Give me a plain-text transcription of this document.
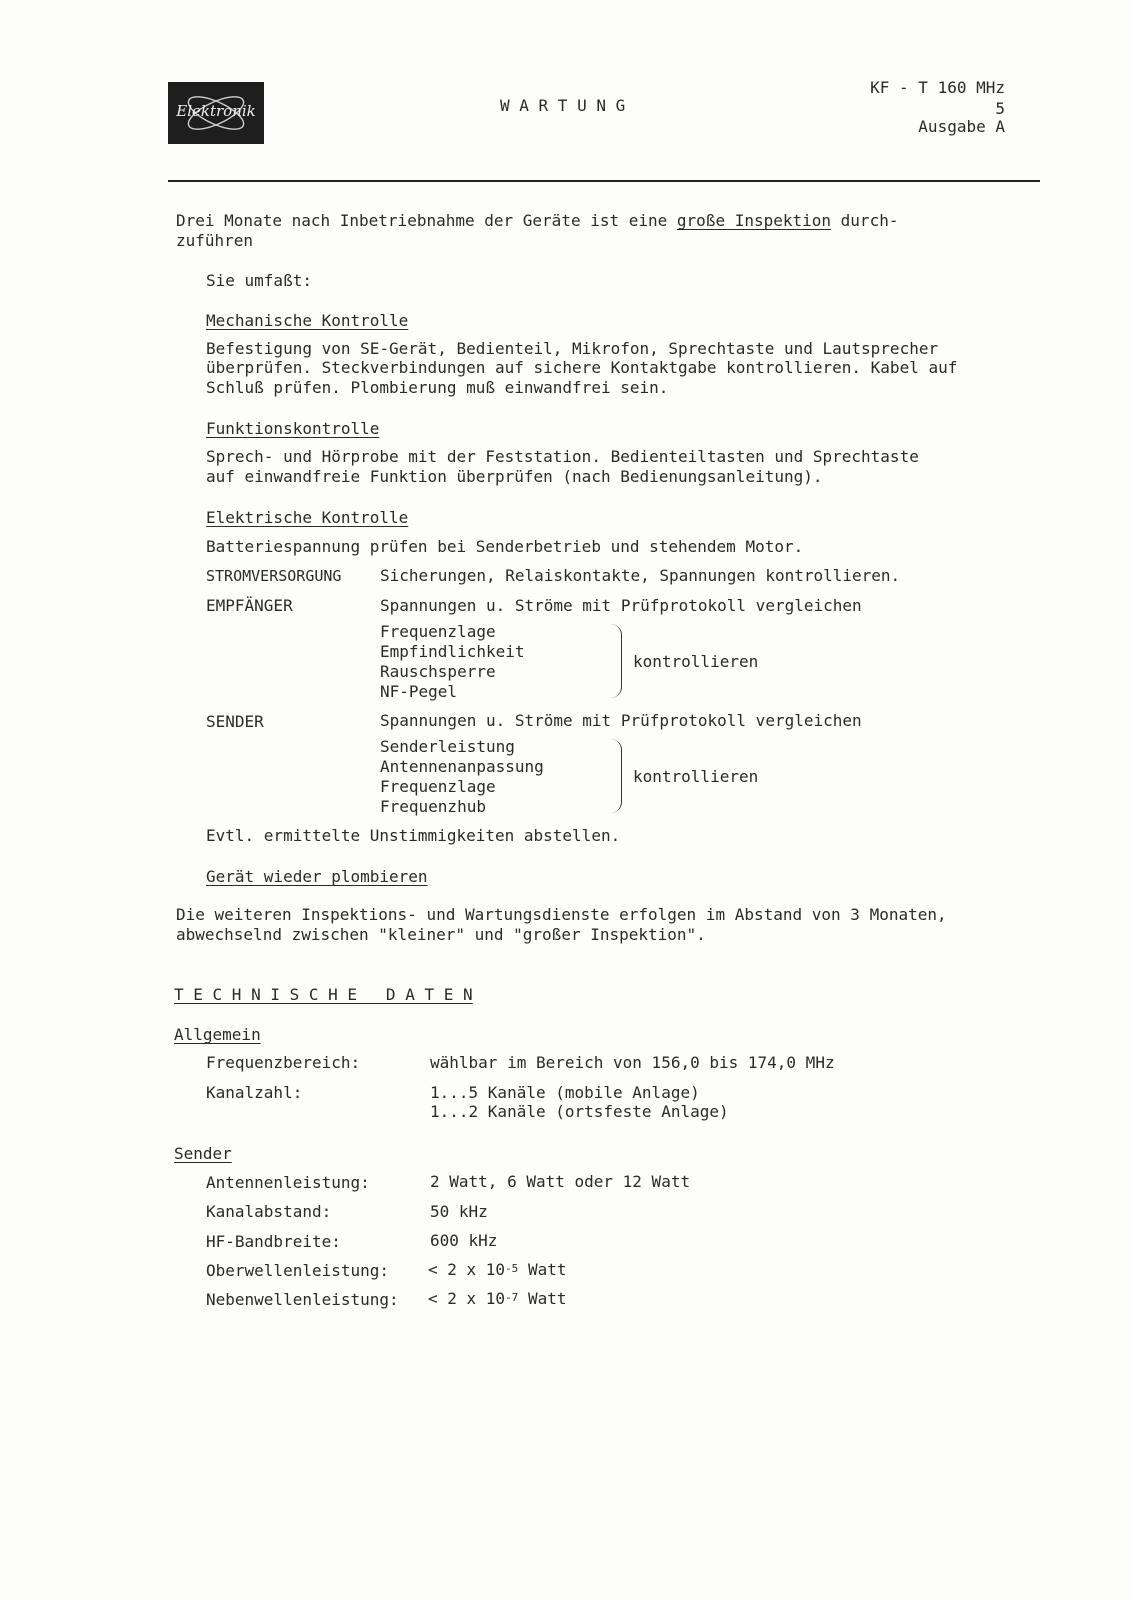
Elektronik	W A R T U N G
KF - T 160 MHz
5
Ausgabe A
Drei Monate nach Inbetriebnahme der Geräte ist eine große Inspektion durch-
zuführen
Sie umfaßt:
Mechanische Kontrolle
Befestigung von SE-Gerät, Bedienteil, Mikrofon, Sprechtaste und Lautsprecher
überprüfen. Steckverbindungen auf sichere Kontaktgabe kontrollieren. Kabel auf
Schluß prüfen. Plombierung muß einwandfrei sein.
Funktionskontrolle
Sprech- und Hörprobe mit der Feststation. Bedienteiltasten und Sprechtaste
auf einwandfreie Funktion überprüfen (nach Bedienungsanleitung).
Elektrische Kontrolle
Batteriespannung prüfen bei Senderbetrieb und stehendem Motor.
STROMVERSORGUNG Sicherungen, Relaiskontakte, Spannungen kontrollieren.
EMPFÄNGER	Spannungen u. Ströme mit Prüfprotokoll vergleichen
Frequenzlage
Empfindlichkeit
Rauschsperre
NF-Pegel
kontrollieren
SENDER	Spannungen u. Ströme mit Prüfprotokoll vergleichen
Senderleistung
Antennenanpassung
Frequenzlage
Frequenzhub
kontrollieren
Evtl. ermittelte Unstimmigkeiten abstellen.
Gerät wieder plombieren
Die weiteren Inspektions- und Wartungsdienste erfolgen im Abstand von 3 Monaten,
abwechselnd zwischen "kleiner" und "großer Inspektion".
T E C H N I S C H E   D A T E N
Allgemein
Frequenzbereich:	wählbar im Bereich von 156,0 bis 174,0 MHz
Kanalzahl:	1...5 Kanäle (mobile Anlage)
1...2 Kanäle (ortsfeste Anlage)
Sender
Antennenleistung:	2 Watt, 6 Watt oder 12 Watt
Kanalabstand:	50 kHz
HF-Bandbreite:	600 kHz
Oberwellenleistung: < 2 x $10^{-5}$ Watt
Nebenwellenleistung: < 2 x $10^{-7}$ Watt
